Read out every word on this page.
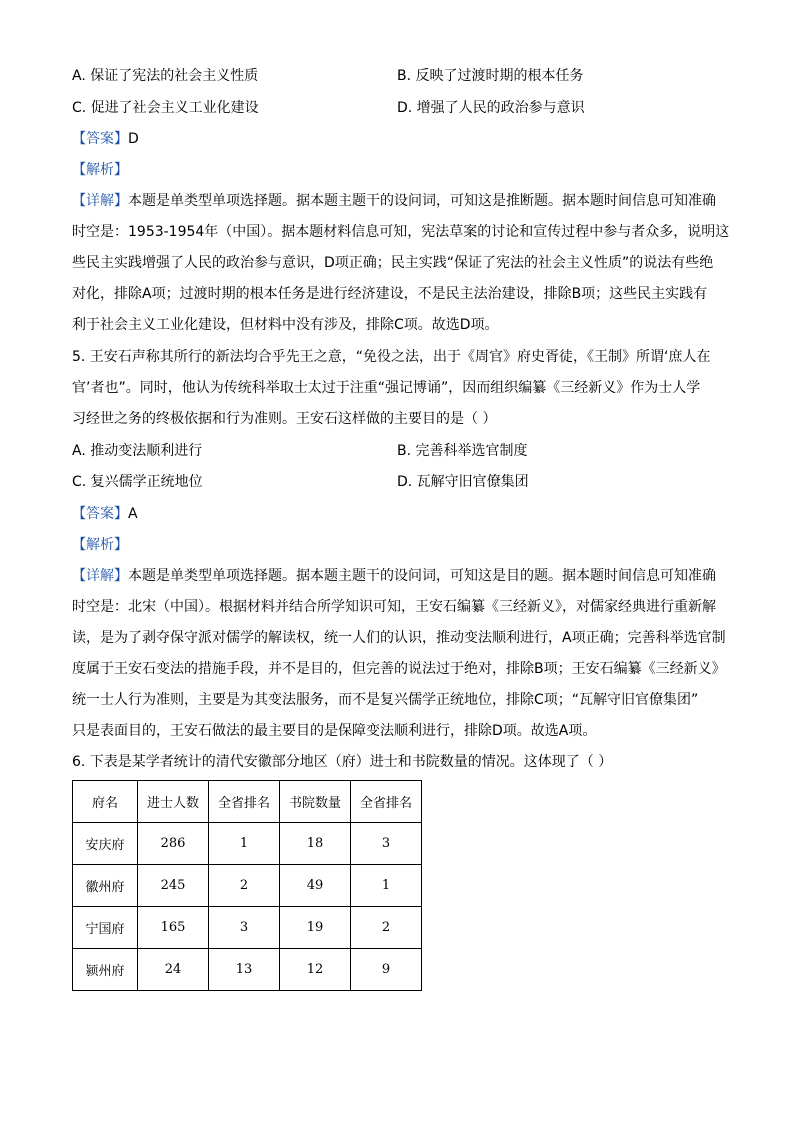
A. 保证了宪法的社会主义性质	B. 反映了过渡时期的根本任务
C. 促进了社会主义工业化建设	D. 增强了人民的政治参与意识
【答案】D
【解析】
【详解】本题是单类型单项选择题。据本题主题干的设问词，可知这是推断题。据本题时间信息可知准确
时空是：1953-1954年（中国）。据本题材料信息可知，宪法草案的讨论和宣传过程中参与者众多，说明这
些民主实践增强了人民的政治参与意识，D项正确；民主实践“保证了宪法的社会主义性质”的说法有些绝
对化，排除A项；过渡时期的根本任务是进行经济建设，不是民主法治建设，排除B项；这些民主实践有
利于社会主义工业化建设，但材料中没有涉及，排除C项。故选D项。
5. 王安石声称其所行的新法均合乎先王之意，“免役之法，出于《周官》府史胥徒，《王制》所谓‘庶人在
官’者也”。同时，他认为传统科举取士太过于注重“强记博诵”，因而组织编纂《三经新义》作为士人学
习经世之务的终极依据和行为准则。王安石这样做的主要目的是（ ）
A. 推动变法顺利进行	B. 完善科举选官制度
C. 复兴儒学正统地位	D. 瓦解守旧官僚集团
【答案】A
【解析】
【详解】本题是单类型单项选择题。据本题主题干的设问词，可知这是目的题。据本题时间信息可知准确
时空是：北宋（中国）。根据材料并结合所学知识可知，王安石编纂《三经新义》，对儒家经典进行重新解
读，是为了剥夺保守派对儒学的解读权，统一人们的认识，推动变法顺利进行，A项正确；完善科举选官制
度属于王安石变法的措施手段，并不是目的，但完善的说法过于绝对，排除B项；王安石编纂《三经新义》
统一士人行为准则，主要是为其变法服务，而不是复兴儒学正统地位，排除C项；“瓦解守旧官僚集团”
只是表面目的，王安石做法的最主要目的是保障变法顺利进行，排除D项。故选A项。
6. 下表是某学者统计的清代安徽部分地区（府）进士和书院数量的情况。这体现了（ ）
府名	进士人数	全省排名	书院数量	全省排名
安庆府	286	1	18	3
徽州府	245	2	49	1
宁国府	165	3	19	2
颍州府	24	13	12	9
